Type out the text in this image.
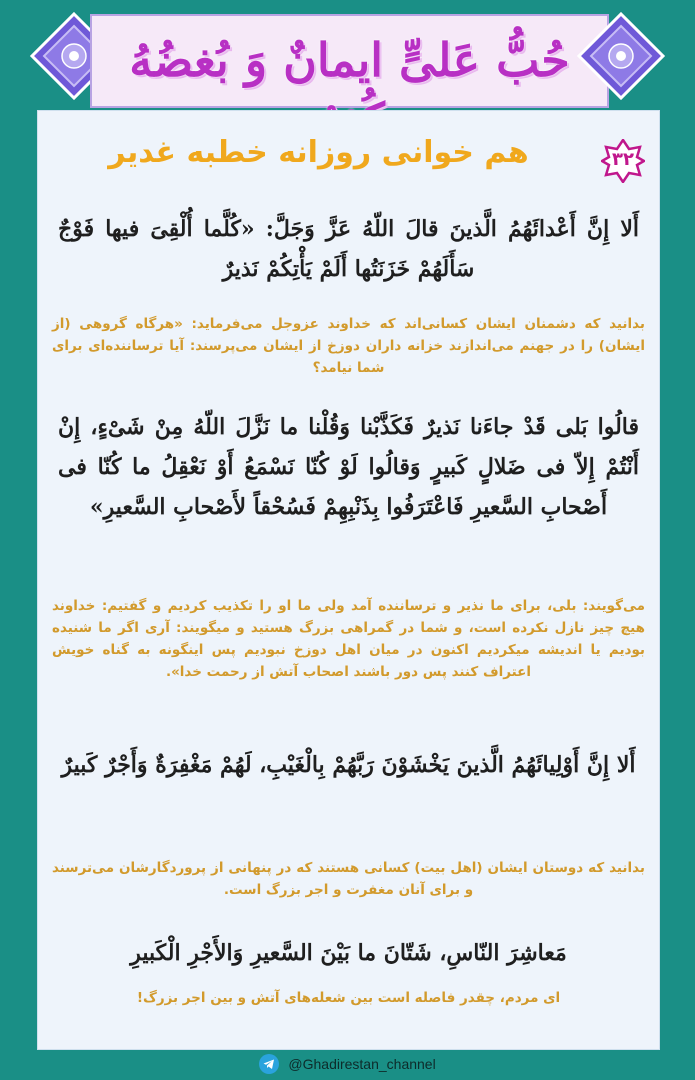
حُبُّ عَلیٍّ ایمانٌ وَ بُغضُهُ
هم خوانی روزانه خطبه غدیر	۳۲
أَلا إِنَّ أَعْدائَهُمُ الَّذینَ قالَ اللّهُ عَزَّ وَجَلَّ: «کُلَّما أُلْقِیَ فیها فَوْجٌ سَأَلَهُمْ خَزَنَتُها أَلَمْ یَأْتِکُمْ نَذیرٌ
بدانید که دشمنان ایشان کسانی‌اند که خداوند عزوجل می‌فرماید: «هرگاه گروهی (از ایشان) را در جهنم می‌اندازند خزانه داران دوزخ از ایشان می‌پرسند: آیا ترساننده‌ای برای شما نیامد؟
قالُوا بَلی قَدْ جاءَنا نَذیرٌ فَکَذَّبْنا وَقُلْنا ما نَزَّلَ اللّهُ مِنْ شَیْءٍ، إِنْ أَنْتُمْ إِلاّ فی ضَلالٍ کَبیرٍ وَقالُوا لَوْ کُنّا نَسْمَعُ أَوْ نَعْقِلُ ما کُنّا فی أَصْحابِ السَّعیرِ فَاعْتَرَفُوا بِذَنْبِهِمْ فَسُحْقاً لأَصْحابِ السَّعیرِ»
می‌گویند: بلی، برای ما نذیر و ترساننده آمد ولی ما او را تکذیب کردیم و گفتیم: خداوند هیچ چیز نازل نکرده است، و شما در گمراهی بزرگ هستید و میگویند: آری اگر ما شنیده بودیم یا اندیشه میکردیم اکنون در میان اهل دوزخ نبودیم پس اینگونه به گناه خویش اعتراف کنند پس دور باشند اصحاب آتش از رحمت خدا».
أَلا إِنَّ أَوْلِیائَهُمُ الَّذینَ یَخْشَوْنَ رَبَّهُمْ بِالْغَیْبِ، لَهُمْ مَغْفِرَةٌ وَأَجْرٌ کَبیرٌ
بدانید که دوستان ایشان (اهل بیت) کسانی هستند که در پنهانی از پروردگارشان می‌ترسند و برای آنان مغفرت و اجر بزرگ است.
مَعاشِرَ النّاسِ، شَتّانَ ما بَیْنَ السَّعیرِ وَالأَجْرِ الْکَبیرِ
ای مردم، چقدر فاصله است بین شعله‌های آتش و بین اجر بزرگ!
@Ghadirestan_channel
